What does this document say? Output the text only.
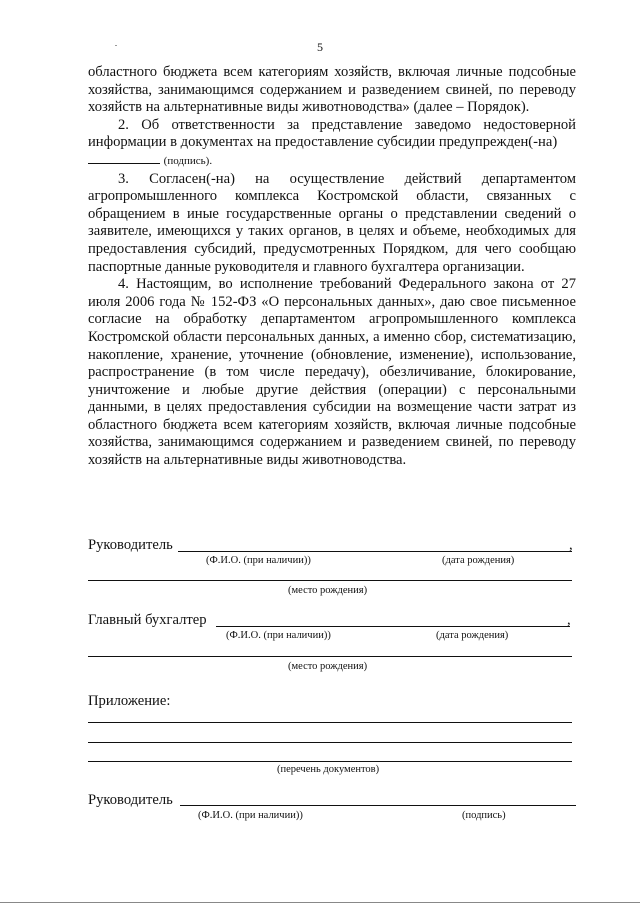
5

областного бюджета всем категориям хозяйств, включая личные подсобные хозяйства, занимающимся содержанием и разведением свиней, по переводу хозяйств на альтернативные виды животноводства» (далее – Порядок).

2. Об ответственности за представление заведомо недостоверной информации в документах на предоставление субсидии предупрежден(-на)
(подпись).

3. Согласен(-на) на осуществление действий департаментом агропромышленного комплекса Костромской области, связанных с обращением в иные государственные органы о представлении сведений о заявителе, имеющихся у таких органов, в целях и объеме, необходимых для предоставления субсидий, предусмотренных Порядком, для чего сообщаю паспортные данные руководителя и главного бухгалтера организации.

4. Настоящим, во исполнение требований Федерального закона от 27 июля 2006 года № 152-ФЗ «О персональных данных», даю свое письменное согласие на обработку департаментом агропромышленного комплекса Костромской области персональных данных, а именно сбор, систематизацию, накопление, хранение, уточнение (обновление, изменение), использование, распространение (в том числе передачу), обезличивание, блокирование, уничтожение и любые другие действия (операции) с персональными данными, в целях предоставления субсидии на возмещение части затрат из областного бюджета всем категориям хозяйств, включая личные подсобные хозяйства, занимающимся содержанием и разведением свиней, по переводу хозяйств на альтернативные виды животноводства.

Руководитель	,
(Ф.И.О. (при наличии))	(дата рождения)
(место рождения)
Главный бухгалтер	,
(Ф.И.О. (при наличии))	(дата рождения)
(место рождения)
Приложение:
(перечень документов)
Руководитель
(Ф.И.О. (при наличии))	(подпись)
